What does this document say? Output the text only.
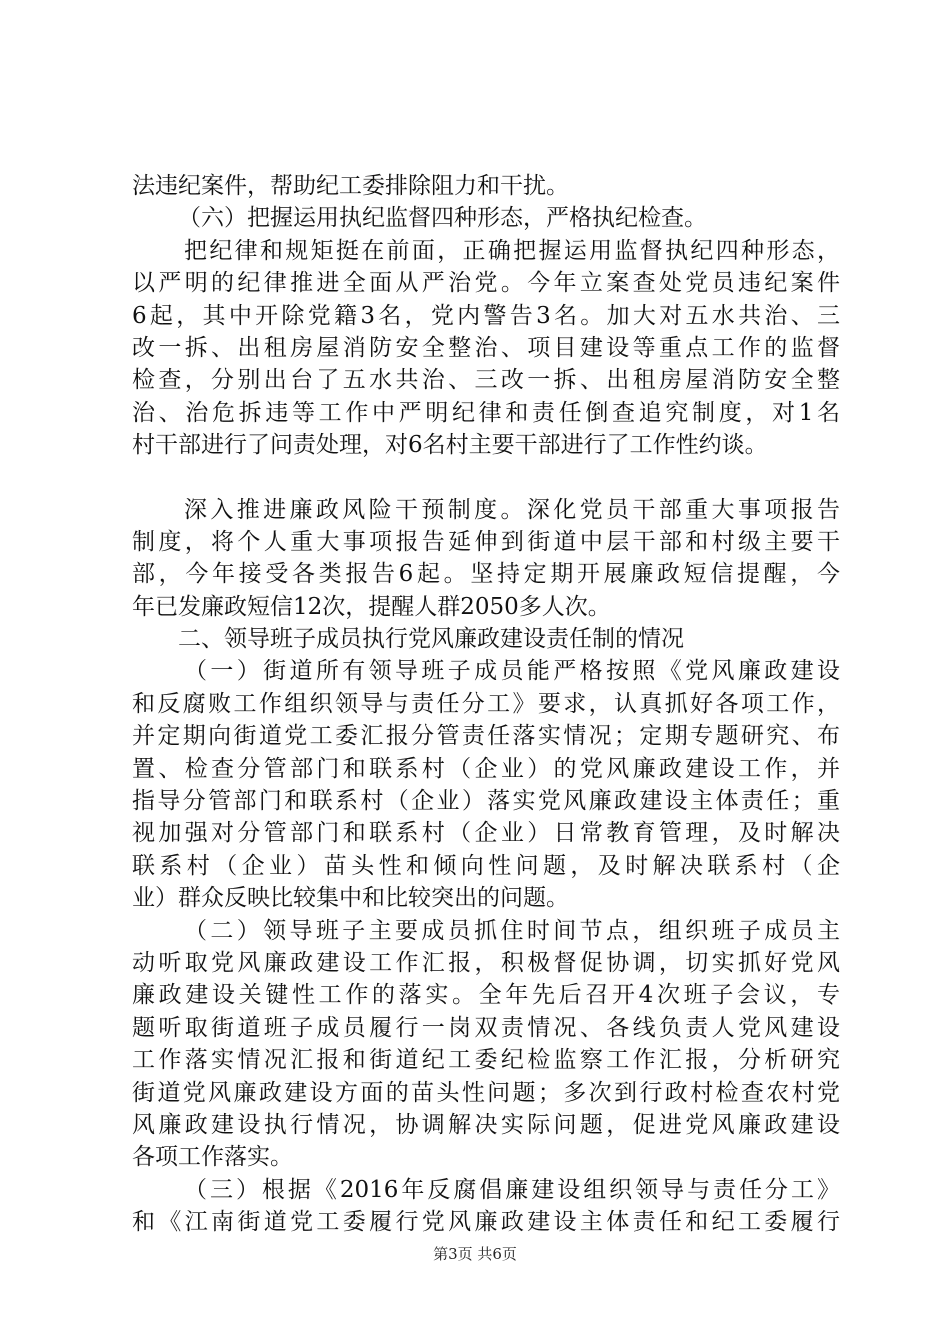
法违纪案件，帮助纪工委排除阻力和干扰。
（六）把握运用执纪监督四种形态，严格执纪检查。
把纪律和规矩挺在前面，正确把握运用监督执纪四种形态，
以严明的纪律推进全面从严治党。今年立案查处党员违纪案件
6起，其中开除党籍3名，党内警告3名。加大对五水共治、三
改一拆、出租房屋消防安全整治、项目建设等重点工作的监督
检查，分别出台了五水共治、三改一拆、出租房屋消防安全整
治、治危拆违等工作中严明纪律和责任倒查追究制度，对1名
村干部进行了问责处理，对6名村主要干部进行了工作性约谈。
深入推进廉政风险干预制度。深化党员干部重大事项报告
制度，将个人重大事项报告延伸到街道中层干部和村级主要干
部，今年接受各类报告6起。坚持定期开展廉政短信提醒，今
年已发廉政短信12次，提醒人群2050多人次。
二、领导班子成员执行党风廉政建设责任制的情况
（一）街道所有领导班子成员能严格按照《党风廉政建设
和反腐败工作组织领导与责任分工》要求，认真抓好各项工作，
并定期向街道党工委汇报分管责任落实情况；定期专题研究、布
置、检查分管部门和联系村（企业）的党风廉政建设工作，并
指导分管部门和联系村（企业）落实党风廉政建设主体责任；重
视加强对分管部门和联系村（企业）日常教育管理，及时解决
联系村（企业）苗头性和倾向性问题，及时解决联系村（企
业）群众反映比较集中和比较突出的问题。
（二）领导班子主要成员抓住时间节点，组织班子成员主
动听取党风廉政建设工作汇报，积极督促协调，切实抓好党风
廉政建设关键性工作的落实。全年先后召开4次班子会议，专
题听取街道班子成员履行一岗双责情况、各线负责人党风建设
工作落实情况汇报和街道纪工委纪检监察工作汇报，分析研究
街道党风廉政建设方面的苗头性问题；多次到行政村检查农村党
风廉政建设执行情况，协调解决实际问题，促进党风廉政建设
各项工作落实。
（三）根据《2016年反腐倡廉建设组织领导与责任分工》
和《江南街道党工委履行党风廉政建设主体责任和纪工委履行
第3页 共6页
